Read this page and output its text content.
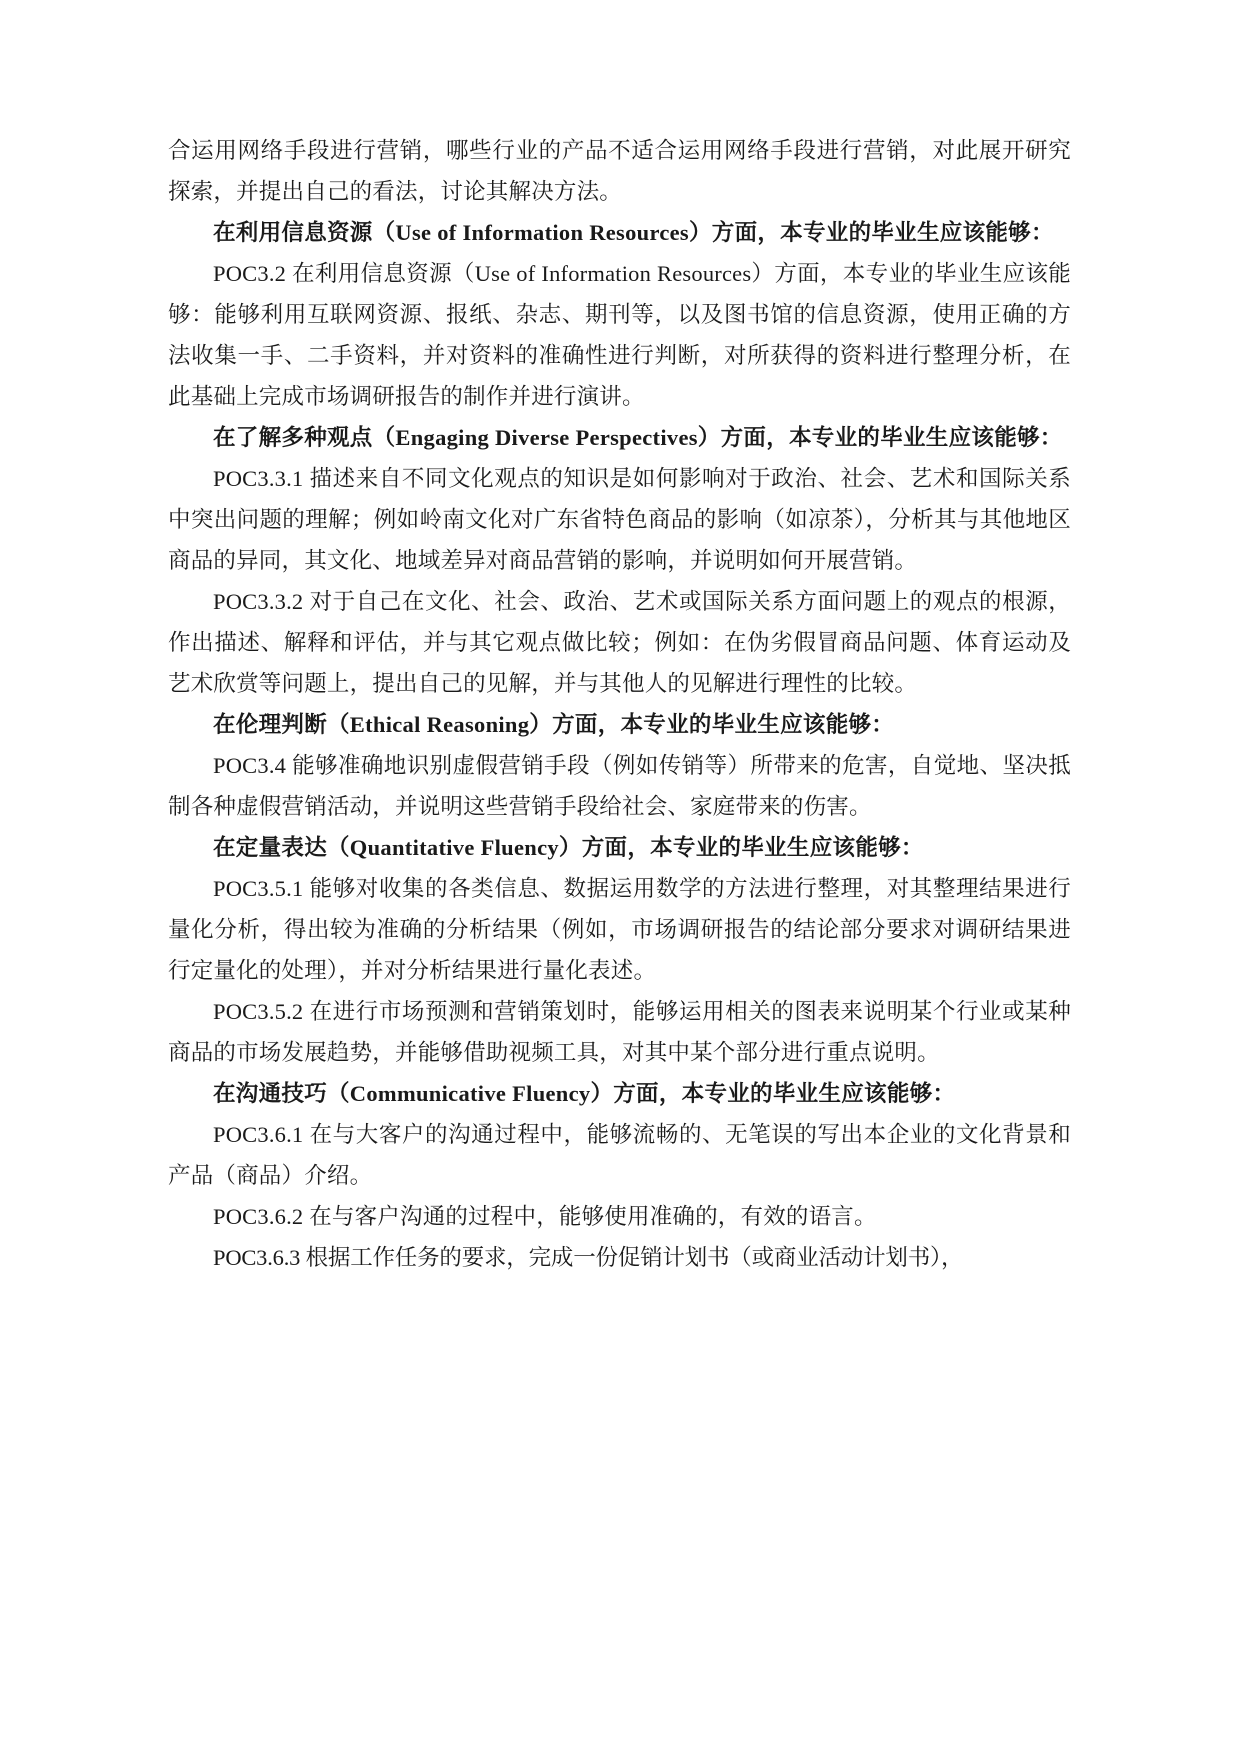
合运用网络手段进行营销，哪些行业的产品不适合运用网络手段进行营销，对此展开研究探索，并提出自己的看法，讨论其解决方法。

在利用信息资源（Use of Information Resources）方面，本专业的毕业生应该能够：

POC3.2 在利用信息资源（Use of Information Resources）方面，本专业的毕业生应该能够：能够利用互联网资源、报纸、杂志、期刊等，以及图书馆的信息资源，使用正确的方法收集一手、二手资料，并对资料的准确性进行判断，对所获得的资料进行整理分析，在此基础上完成市场调研报告的制作并进行演讲。

在了解多种观点（Engaging Diverse Perspectives）方面，本专业的毕业生应该能够：

POC3.3.1 描述来自不同文化观点的知识是如何影响对于政治、社会、艺术和国际关系中突出问题的理解；例如岭南文化对广东省特色商品的影响（如凉茶），分析其与其他地区商品的异同，其文化、地域差异对商品营销的影响，并说明如何开展营销。

POC3.3.2 对于自己在文化、社会、政治、艺术或国际关系方面问题上的观点的根源，作出描述、解释和评估，并与其它观点做比较；例如：在伪劣假冒商品问题、体育运动及艺术欣赏等问题上，提出自己的见解，并与其他人的见解进行理性的比较。

在伦理判断（Ethical Reasoning）方面，本专业的毕业生应该能够：

POC3.4 能够准确地识别虚假营销手段（例如传销等）所带来的危害，自觉地、坚决抵制各种虚假营销活动，并说明这些营销手段给社会、家庭带来的伤害。

在定量表达（Quantitative Fluency）方面，本专业的毕业生应该能够：

POC3.5.1 能够对收集的各类信息、数据运用数学的方法进行整理，对其整理结果进行量化分析，得出较为准确的分析结果（例如，市场调研报告的结论部分要求对调研结果进行定量化的处理），并对分析结果进行量化表述。

POC3.5.2 在进行市场预测和营销策划时，能够运用相关的图表来说明某个行业或某种商品的市场发展趋势，并能够借助视频工具，对其中某个部分进行重点说明。

在沟通技巧（Communicative Fluency）方面，本专业的毕业生应该能够：

POC3.6.1 在与大客户的沟通过程中，能够流畅的、无笔误的写出本企业的文化背景和产品（商品）介绍。

POC3.6.2 在与客户沟通的过程中，能够使用准确的，有效的语言。

POC3.6.3 根据工作任务的要求，完成一份促销计划书（或商业活动计划书），
